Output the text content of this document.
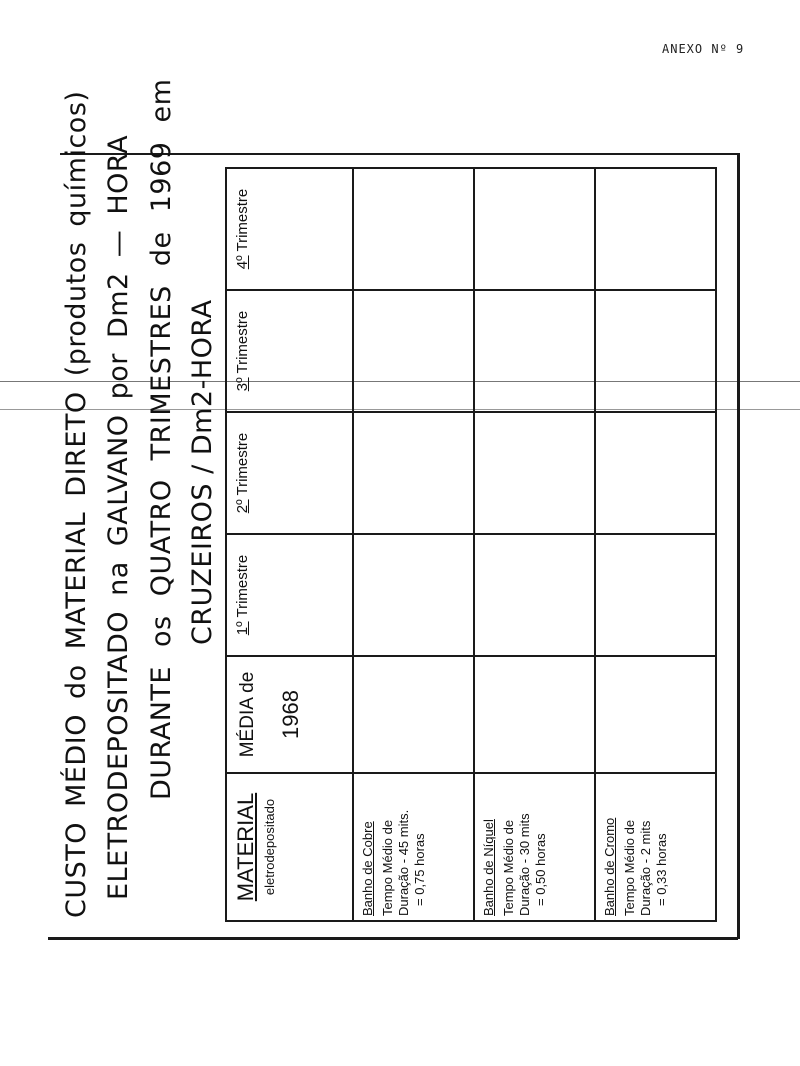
ANEXO Nº 9
CUSTO MÉDIO do MATERIAL DIRETO (produtos químicos) ELETRODEPOSITADO na GALVANO por Dm2 — HORA DURANTE os QUATRO TRIMESTRES de 1969 em CRUZEIROS / Dm2-HORA
MATERIAL eletrodepositado	MÉDIA de 1968	1º Trimestre	2º Trimestre	3º Trimestre	4º Trimestre

Banho de Cobre Tempo Médio de Duração - 45 mits. = 0,75 horas					

Banho de Níquel Tempo Médio de Duração - 30 mits = 0,50 horas					

Banho de Cromo Tempo Médio de Duração - 2 mits = 0,33 horas					
